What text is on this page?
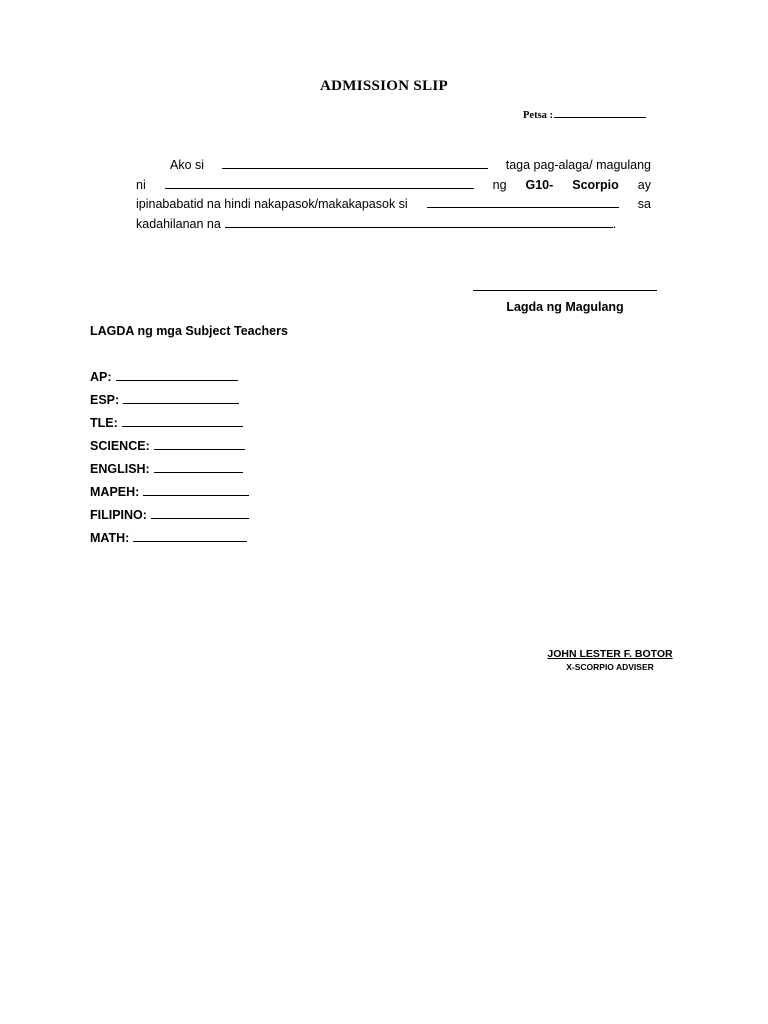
ADMISSION SLIP
Petsa :
Ako si	taga pag-alaga/ magulang
ni	ng G10- Scorpio ay
ipinababatid na hindi nakapasok/makakapasok si	sa
kadahilanan na	.
Lagda ng Magulang
LAGDA ng mga Subject Teachers
AP:
ESP:
TLE:
SCIENCE:
ENGLISH:
MAPEH:
FILIPINO:
MATH:
JOHN LESTER F. BOTOR
X-SCORPIO ADVISER
